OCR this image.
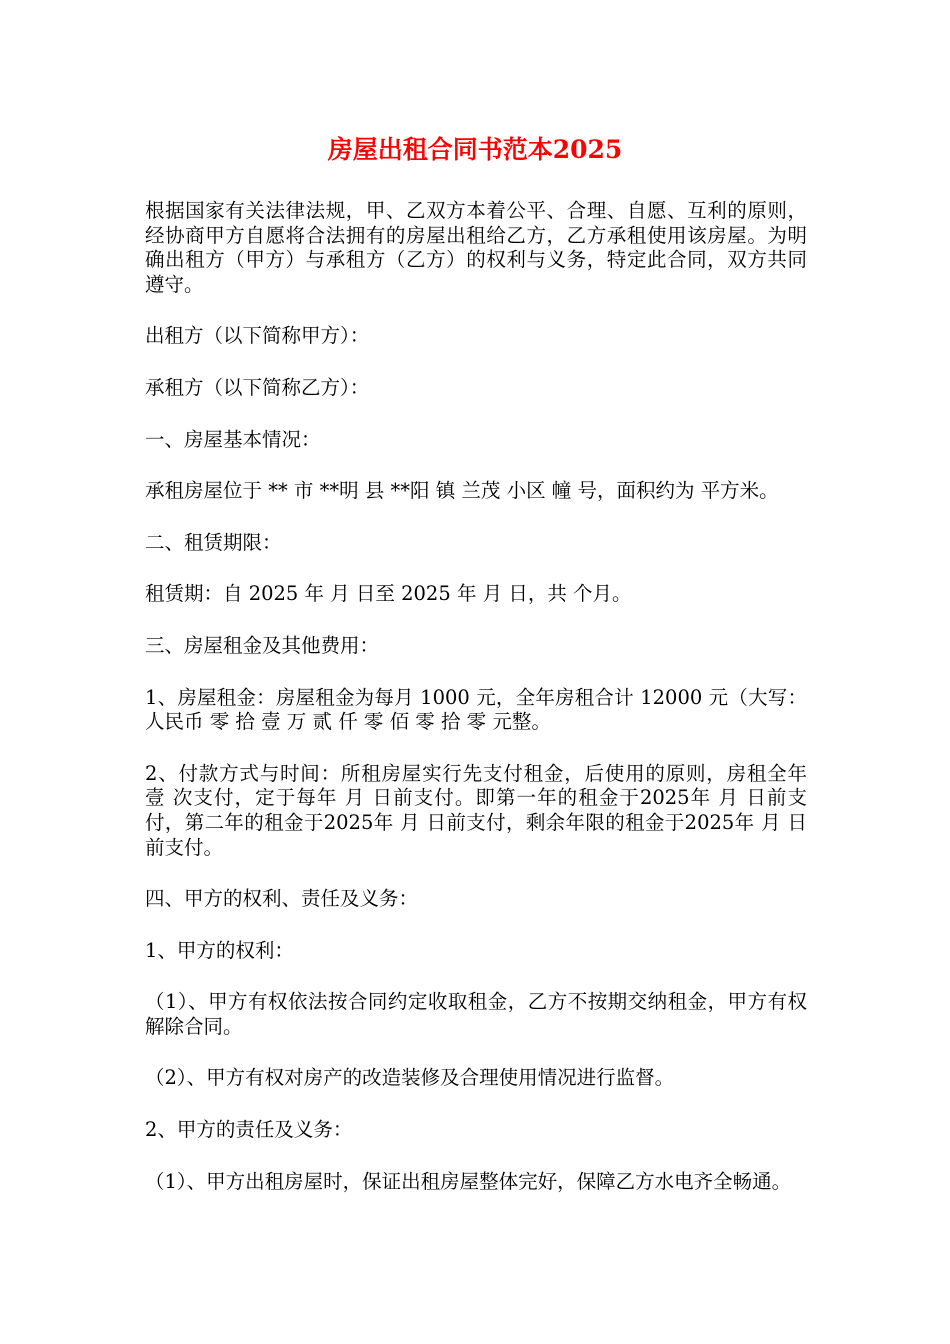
房屋出租合同书范本2025

根据国家有关法律法规，甲、乙双方本着公平、合理、自愿、互利的原则，经协商甲方自愿将合法拥有的房屋出租给乙方，乙方承租使用该房屋。为明确出租方（甲方）与承租方（乙方）的权利与义务，特定此合同，双方共同遵守。

出租方（以下简称甲方）：

承租方（以下简称乙方）：

一、房屋基本情况：

承租房屋位于 ** 市 **明 县 **阳 镇 兰茂 小区 幢 号，面积约为 平方米。

二、租赁期限：

租赁期：自 2025 年 月 日至 2025 年 月 日，共 个月。

三、房屋租金及其他费用：

1、房屋租金：房屋租金为每月 1000 元，全年房租合计 12000 元（大写：人民币 零 拾 壹 万 贰 仟 零 佰 零 拾 零 元整。

2、付款方式与时间：所租房屋实行先支付租金，后使用的原则，房租全年 壹 次支付，定于每年 月 日前支付。即第一年的租金于2025年 月 日前支付，第二年的租金于2025年 月 日前支付，剩余年限的租金于2025年 月 日前支付。

四、甲方的权利、责任及义务：

1、甲方的权利：

（1）、甲方有权依法按合同约定收取租金，乙方不按期交纳租金，甲方有权解除合同。

（2）、甲方有权对房产的改造装修及合理使用情况进行监督。

2、甲方的责任及义务：

（1）、甲方出租房屋时，保证出租房屋整体完好，保障乙方水电齐全畅通。
